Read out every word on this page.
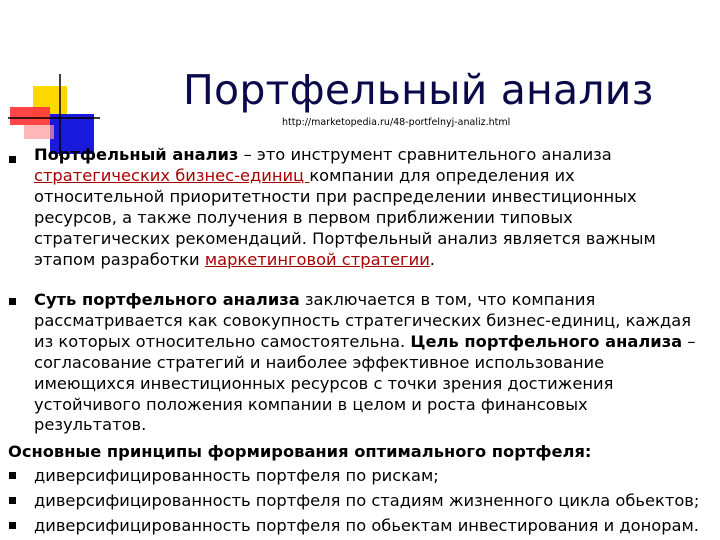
Портфельный анализ
http://marketopedia.ru/48-portfelnyj-analiz.html

Портфельный анализ – это инструмент сравнительного анализа стратегических бизнес-единиц компании для определения их относительной приоритетности при распределении инвестиционных ресурсов, а также получения в первом приближении типовых стратегических рекомендаций. Портфельный анализ является важным этапом разработки маркетинговой стратегии.

Суть портфельного анализа заключается в том, что компания рассматривается как совокупность стратегических бизнес-единиц, каждая из которых относительно самостоятельна. Цель портфельного анализа – согласование стратегий и наиболее эффективное использование имеющихся инвестиционных ресурсов с точки зрения достижения устойчивого положения компании в целом и роста финансовых результатов.

Основные принципы формирования оптимального портфеля:
диверсифицированность портфеля по рискам;
диверсифицированность портфеля по стадиям жизненного цикла обьектов;
диверсифицированность портфеля по обьектам инвестирования и донорам.
